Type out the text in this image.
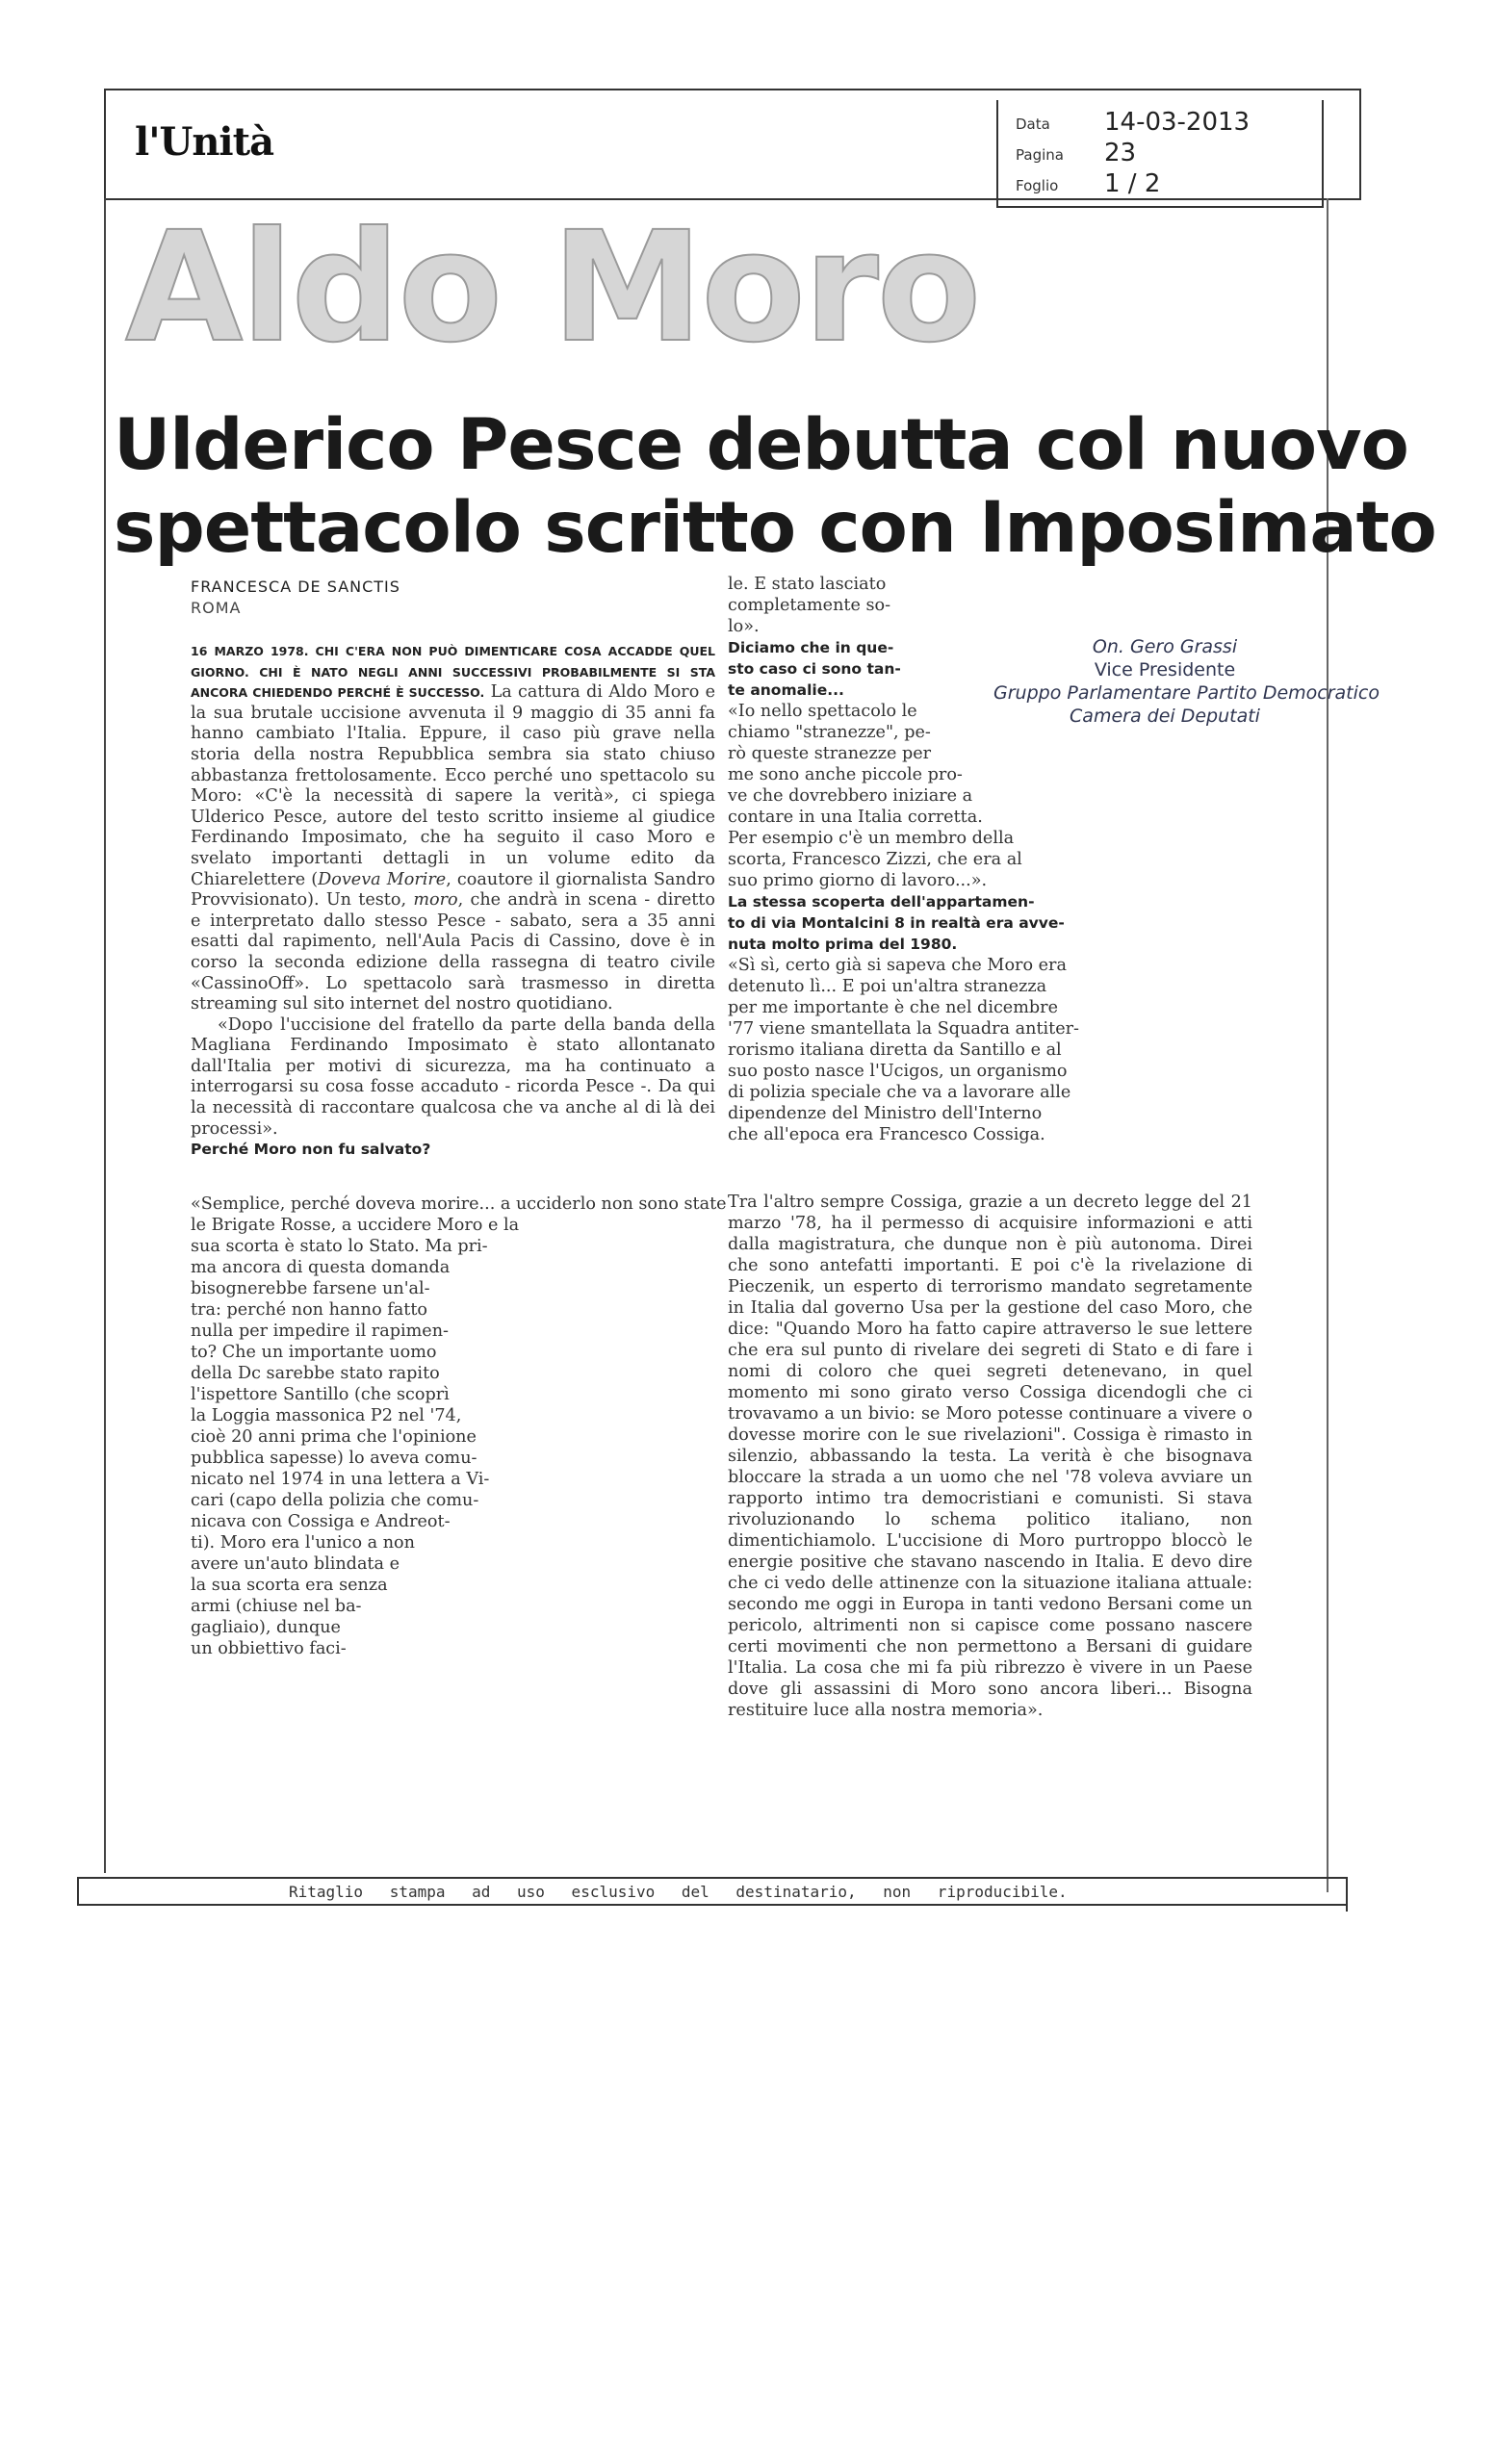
l'Unità	Data 14-03-2013
Pagina 23
Foglio 1 / 2
Aldo Moro
Ulderico Pesce debutta col nuovo
spettacolo scritto con Imposimato
FRANCESCA DE SANCTIS
ROMA

16 MARZO 1978. CHI C'ERA NON PUÒ DIMENTICARE COSA ACCADDE QUEL GIORNO. CHI È NATO NEGLI ANNI SUCCESSIVI PROBABILMENTE SI STA ANCORA CHIEDENDO PERCHÉ È SUCCESSO. La cattura di Aldo Moro e la sua brutale uccisione avvenuta il 9 maggio di 35 anni fa hanno cambiato l'Italia. Eppure, il caso più grave nella storia della nostra Repubblica sembra sia stato chiuso abbastanza frettolosamente. Ecco perché uno spettacolo su Moro: «C'è la necessità di sapere la verità», ci spiega Ulderico Pesce, autore del testo scritto insieme al giudice Ferdinando Imposimato, che ha seguito il caso Moro e svelato importanti dettagli in un volume edito da Chiarelettere (Doveva Morire, coautore il giornalista Sandro Provvisionato). Un testo, moro, che andrà in scena - diretto e interpretato dallo stesso Pesce - sabato, sera a 35 anni esatti dal rapimento, nell'Aula Pacis di Cassino, dove è in corso la seconda edizione della rassegna di teatro civile «CassinoOff». Lo spettacolo sarà trasmesso in diretta streaming sul sito internet del nostro quotidiano.

«Dopo l'uccisione del fratello da parte della banda della Magliana Ferdinando Imposimato è stato allontanato dall'Italia per motivi di sicurezza, ma ha continuato a interrogarsi su cosa fosse accaduto - ricorda Pesce -. Da qui la necessità di raccontare qualcosa che va anche al di là dei processi».

Perché Moro non fu salvato?
«Semplice, perché doveva morire... a ucciderlo non sono state
le Brigate Rosse, a uccidere Moro e la
sua scorta è stato lo Stato. Ma pri-
ma ancora di questa domanda
bisognerebbe farsene un'al-
tra: perché non hanno fatto
nulla per impedire il rapimen-
to? Che un importante uomo
della Dc sarebbe stato rapito
l'ispettore Santillo (che scoprì
la Loggia massonica P2 nel '74,
cioè 20 anni prima che l'opinione
pubblica sapesse) lo aveva comu-
nicato nel 1974 in una lettera a Vi-
cari (capo della polizia che comu-
nicava con Cossiga e Andreot-
ti). Moro era l'unico a non
avere un'auto blindata e
la sua scorta era senza
armi (chiuse nel ba-
gagliaio), dunque
un obbiettivo faci-
le. E stato lasciato
completamente so-
lo».
Diciamo che in que-
sto caso ci sono tan-
te anomalie...
«Io nello spettacolo le
chiamo "stranezze", pe-
rò queste stranezze per
me sono anche piccole pro-
ve che dovrebbero iniziare a
contare in una Italia corretta.
Per esempio c'è un membro della
scorta, Francesco Zizzi, che era al
suo primo giorno di lavoro...».
La stessa scoperta dell'appartamen-
to di via Montalcini 8 in realtà era avve-
nuta molto prima del 1980.
«Sì sì, certo già si sapeva che Moro era
detenuto lì... E poi un'altra stranezza
per me importante è che nel dicembre
'77 viene smantellata la Squadra antiter-
rorismo italiana diretta da Santillo e al
suo posto nasce l'Ucigos, un organismo
di polizia speciale che va a lavorare alle
dipendenze del Ministro dell'Interno
che all'epoca era Francesco Cossiga.

Tra l'altro sempre Cossiga, grazie a un decreto legge del 21 marzo '78, ha il permesso di acquisire informazioni e atti dalla magistratura, che dunque non è più autonoma. Direi che sono antefatti importanti. E poi c'è la rivelazione di Pieczenik, un esperto di terrorismo mandato segretamente in Italia dal governo Usa per la gestione del caso Moro, che dice: "Quando Moro ha fatto capire attraverso le sue lettere che era sul punto di rivelare dei segreti di Stato e di fare i nomi di coloro che quei segreti detenevano, in quel momento mi sono girato verso Cossiga dicendogli che ci trovavamo a un bivio: se Moro potesse continuare a vivere o dovesse morire con le sue rivelazioni". Cossiga è rimasto in silenzio, abbassando la testa. La verità è che bisognava bloccare la strada a un uomo che nel '78 voleva avviare un rapporto intimo tra democristiani e comunisti. Si stava rivoluzionando lo schema politico italiano, non dimentichiamolo. L'uccisione di Moro purtroppo bloccò le energie positive che stavano nascendo in Italia. E devo dire che ci vedo delle attinenze con la situazione italiana attuale: secondo me oggi in Europa in tanti vedono Bersani come un pericolo, altrimenti non si capisce come possano nascere certi movimenti che non permettono a Bersani di guidare l'Italia. La cosa che mi fa più ribrezzo è vivere in un Paese dove gli assassini di Moro sono ancora liberi... Bisogna restituire luce alla nostra memoria».

On. Gero Grassi
Vice Presidente
Gruppo Parlamentare Partito Democratico
Camera dei Deputati
Ritaglio stampa ad uso esclusivo del destinatario, non riproducibile.
